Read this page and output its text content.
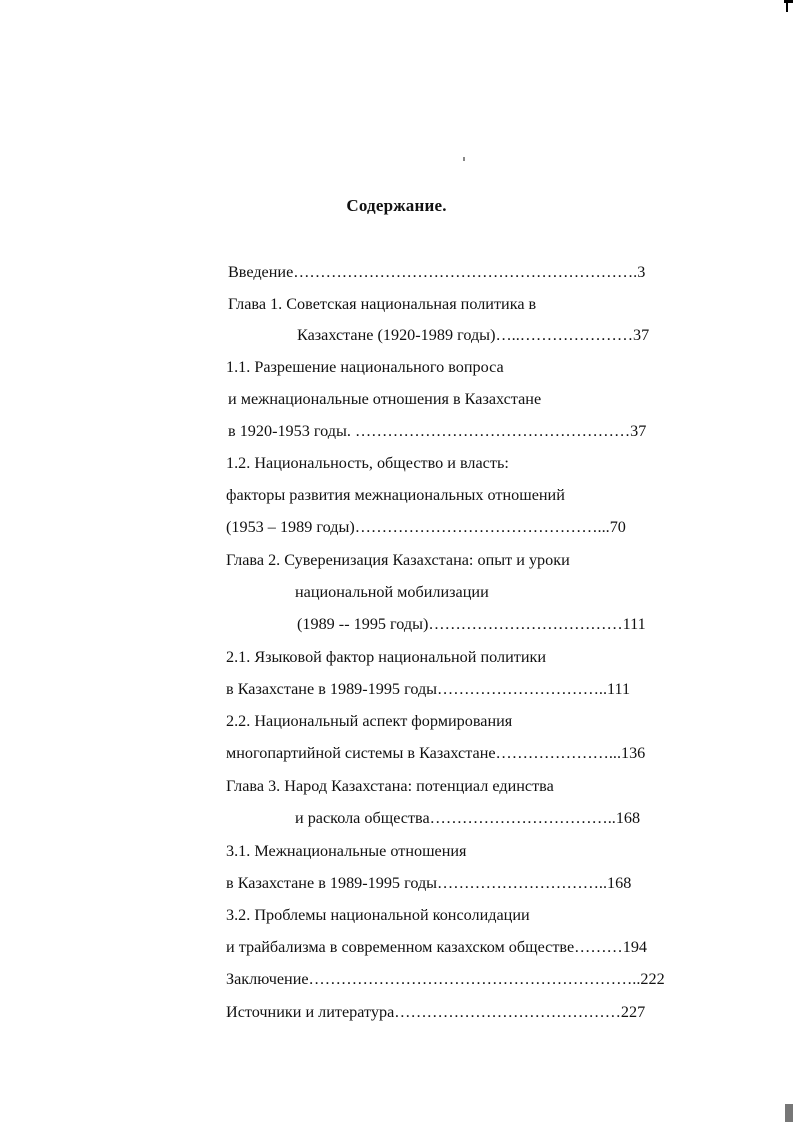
Содержание.
Введение……………………………………………………….3
Глава 1. Советская национальная политика в
Казахстане (1920-1989 годы)…..…………………37
1.1. Разрешение национального вопроса
и межнациональные отношения в Казахстане
в 1920-1953 годы. ……………………………………………37
1.2. Национальность, общество и власть:
факторы развития межнациональных отношений
(1953 – 1989 годы)………………………………………...70
Глава 2. Суверенизация Казахстана: опыт и уроки
национальной мобилизации
(1989 -- 1995 годы)………………………………111
2.1. Языковой фактор национальной политики
в Казахстане в 1989-1995 годы…………………………..111
2.2. Национальный аспект формирования
многопартийной системы в Казахстане…………………...136
Глава 3. Народ Казахстана: потенциал единства
и раскола общества……………………………..168
3.1. Межнациональные отношения
в Казахстане в 1989-1995 годы…………………………..168
3.2. Проблемы национальной консолидации
и трайбализма в современном казахском обществе………194
Заключение……………………………………………………..222
Источники и литература……………………………………227
